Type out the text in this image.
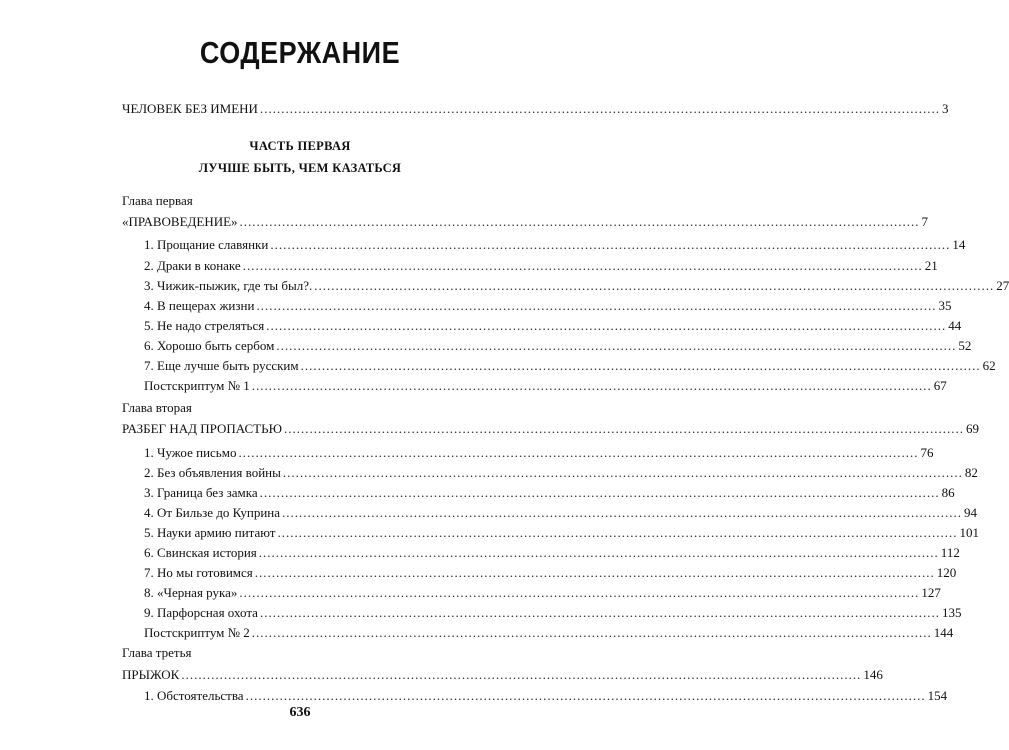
СОДЕРЖАНИЕ
ЧЕЛОВЕК БЕЗ ИМЕНИ ................................................................................................................................................................ 3
ЧАСТЬ ПЕРВАЯ
ЛУЧШЕ БЫТЬ, ЧЕМ КАЗАТЬСЯ
Глава первая
«ПРАВОВЕДЕНИЕ» ................................................................................................................................................................ 7
1. Прощание славянки ................................................................................................................................................................ 14
2. Драки в конаке ................................................................................................................................................................ 21
3. Чижик-пыжик, где ты был?. ................................................................................................................................................................ 27
4. В пещерах жизни ................................................................................................................................................................ 35
5. Не надо стреляться ................................................................................................................................................................ 44
6. Хорошо быть сербом ................................................................................................................................................................ 52
7. Еще лучше быть русским ................................................................................................................................................................ 62
Постскриптум № 1 ................................................................................................................................................................ 67
Глава вторая
РАЗБЕГ НАД ПРОПАСТЬЮ ................................................................................................................................................................ 69
1. Чужое письмо ................................................................................................................................................................ 76
2. Без объявления войны ................................................................................................................................................................ 82
3. Граница без замка ................................................................................................................................................................ 86
4. От Бильзе до Куприна ................................................................................................................................................................ 94
5. Науки армию питают ................................................................................................................................................................ 101
6. Свинская история ................................................................................................................................................................ 112
7. Но мы готовимся ................................................................................................................................................................ 120
8. «Черная рука» ................................................................................................................................................................ 127
9. Парфорсная охота ................................................................................................................................................................ 135
Постскриптум № 2 ................................................................................................................................................................ 144
Глава третья
ПРЫЖОК ................................................................................................................................................................ 146
1. Обстоятельства ................................................................................................................................................................ 154
636
